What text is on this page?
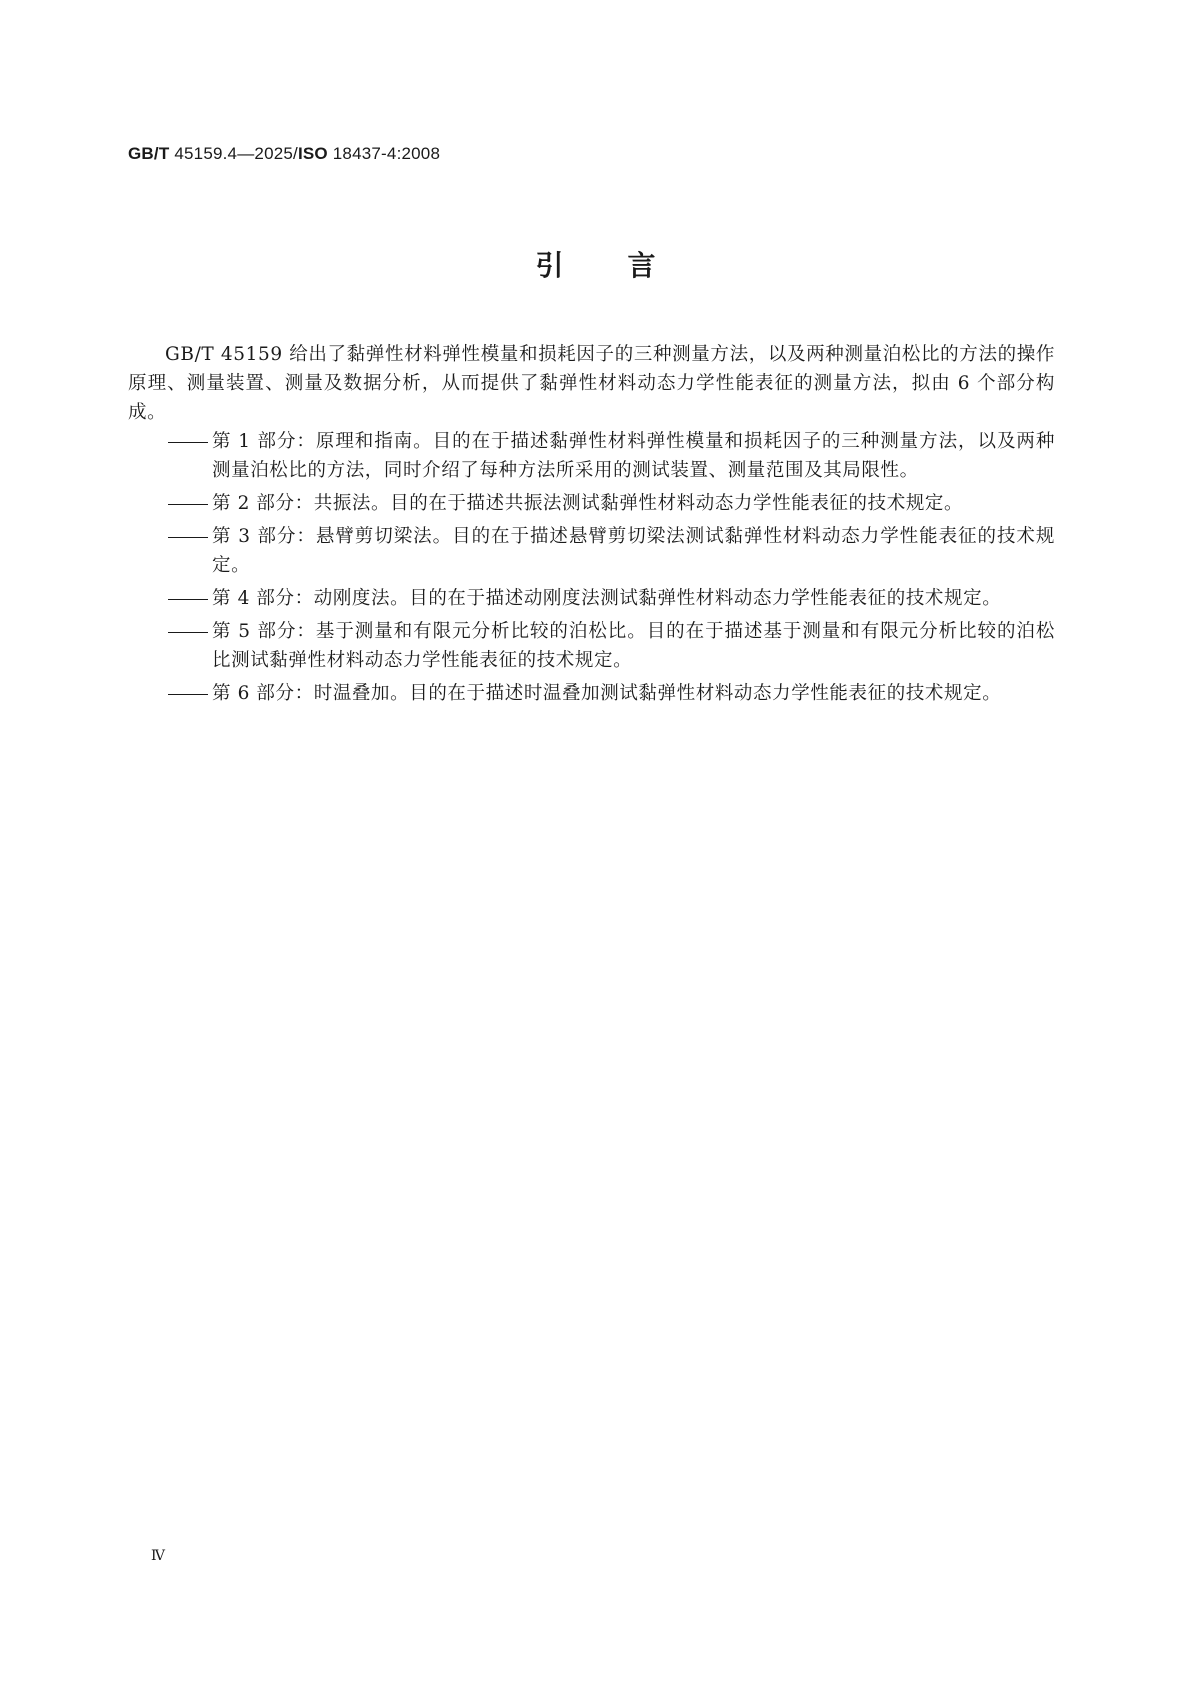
GB/T 45159.4—2025/ISO 18437-4:2008
引言

GB/T 45159 给出了黏弹性材料弹性模量和损耗因子的三种测量方法，以及两种测量泊松比的方法的操作原理、测量装置、测量及数据分析，从而提供了黏弹性材料动态力学性能表征的测量方法，拟由 6 个部分构成。

第 1 部分：原理和指南。目的在于描述黏弹性材料弹性模量和损耗因子的三种测量方法，以及两种测量泊松比的方法，同时介绍了每种方法所采用的测试装置、测量范围及其局限性。
第 2 部分：共振法。目的在于描述共振法测试黏弹性材料动态力学性能表征的技术规定。
第 3 部分：悬臂剪切梁法。目的在于描述悬臂剪切梁法测试黏弹性材料动态力学性能表征的技术规定。
第 4 部分：动刚度法。目的在于描述动刚度法测试黏弹性材料动态力学性能表征的技术规定。
第 5 部分：基于测量和有限元分析比较的泊松比。目的在于描述基于测量和有限元分析比较的泊松比测试黏弹性材料动态力学性能表征的技术规定。
第 6 部分：时温叠加。目的在于描述时温叠加测试黏弹性材料动态力学性能表征的技术规定。
Ⅳ
